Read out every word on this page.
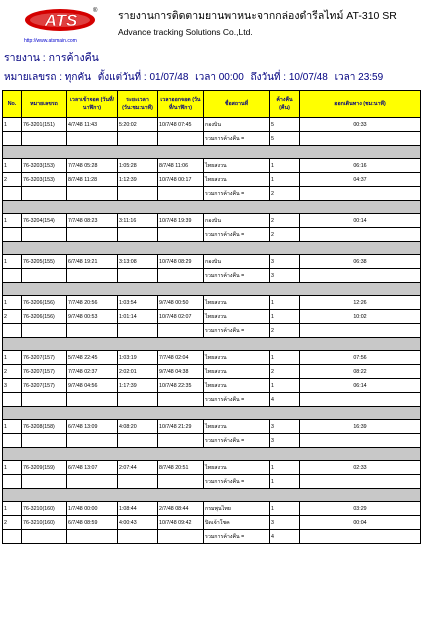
ATS	®
http://www.atsmain.com
รายงานการติดตามยานพาหนะจากกล่องดำรีลไทม์ AT-310 SR
Advance tracking Solutions Co.,Ltd.
รายงาน : การค้างคืน
หมายเลขรถ : ทุกคัน ตั้งแต่วันที่ : 01/07/48 เวลา 00:00 ถึงวันที่ : 10/07/48 เวลา 23:59
No.	หมายเลขรถ	เวลาเข้าจอด (วันที่/นาฬิกา)	ระยะเวลา (วัน:ชม:นาที)	เวลาออกจอด (วันที่/นาฬิกา)	ชื่อสถานที่	ค้างคืน (คืน)	ออกเดินทาง (ชม:นาที)
1	76-3201(151)	4/7/48 11:43	5:20:02	10/7/48 07:45	กองบิน	5	00:33
					รวมการค้างคืน =	5	

1	76-3203(153)	7/7/48 05:28	1:05:28	8/7/48 11:06	ไทยสงวน	1	06:16
2	76-3203(153)	8/7/48 11:28	1:12:39	10/7/48 00:17	ไทยสงวน	1	04:37
					รวมการค้างคืน =	2	

1	76-3204(154)	7/7/48 08:23	3:11:16	10/7/48 19:39	กองบิน	2	00:14
					รวมการค้างคืน =	2	

1	76-3205(155)	6/7/48 19:21	3:13:08	10/7/48 08:29	กองบิน	3	06:38
					รวมการค้างคืน =	3	

1	76-3206(156)	7/7/48 20:56	1:03:54	9/7/48 00:50	ไทยสงวน	1	12:26
2	76-3206(156)	9/7/48 00:53	1:01:14	10/7/48 02:07	ไทยสงวน	1	10:02
					รวมการค้างคืน =	2	

1	76-3207(157)	5/7/48 22:45	1:03:19	7/7/48 02:04	ไทยสงวน	1	07:56
2	76-3207(157)	7/7/48 02:37	2:02:01	9/7/48 04:38	ไทยสงวน	2	08:22
3	76-3207(157)	9/7/48 04:56	1:17:39	10/7/48 22:35	ไทยสงวน	1	06:14
					รวมการค้างคืน =	4	

1	76-3208(158)	6/7/48 13:09	4:08:20	10/7/48 21:29	ไทยสงวน	3	16:39
					รวมการค้างคืน =	3	

1	76-3209(159)	6/7/48 13:07	2:07:44	8/7/48 20:51	ไทยสงวน	1	02:33
					รวมการค้างคืน =	1	

1	76-3210(160)	1/7/48 00:00	1:08:44	2/7/48 08:44	กรมพุนไทย	1	03:29
2	76-3210(160)	6/7/48 08:59	4:00:43	10/7/48 09:42	ปิดเจ้าโชค	3	00:04
					รวมการค้างคืน =	4	
